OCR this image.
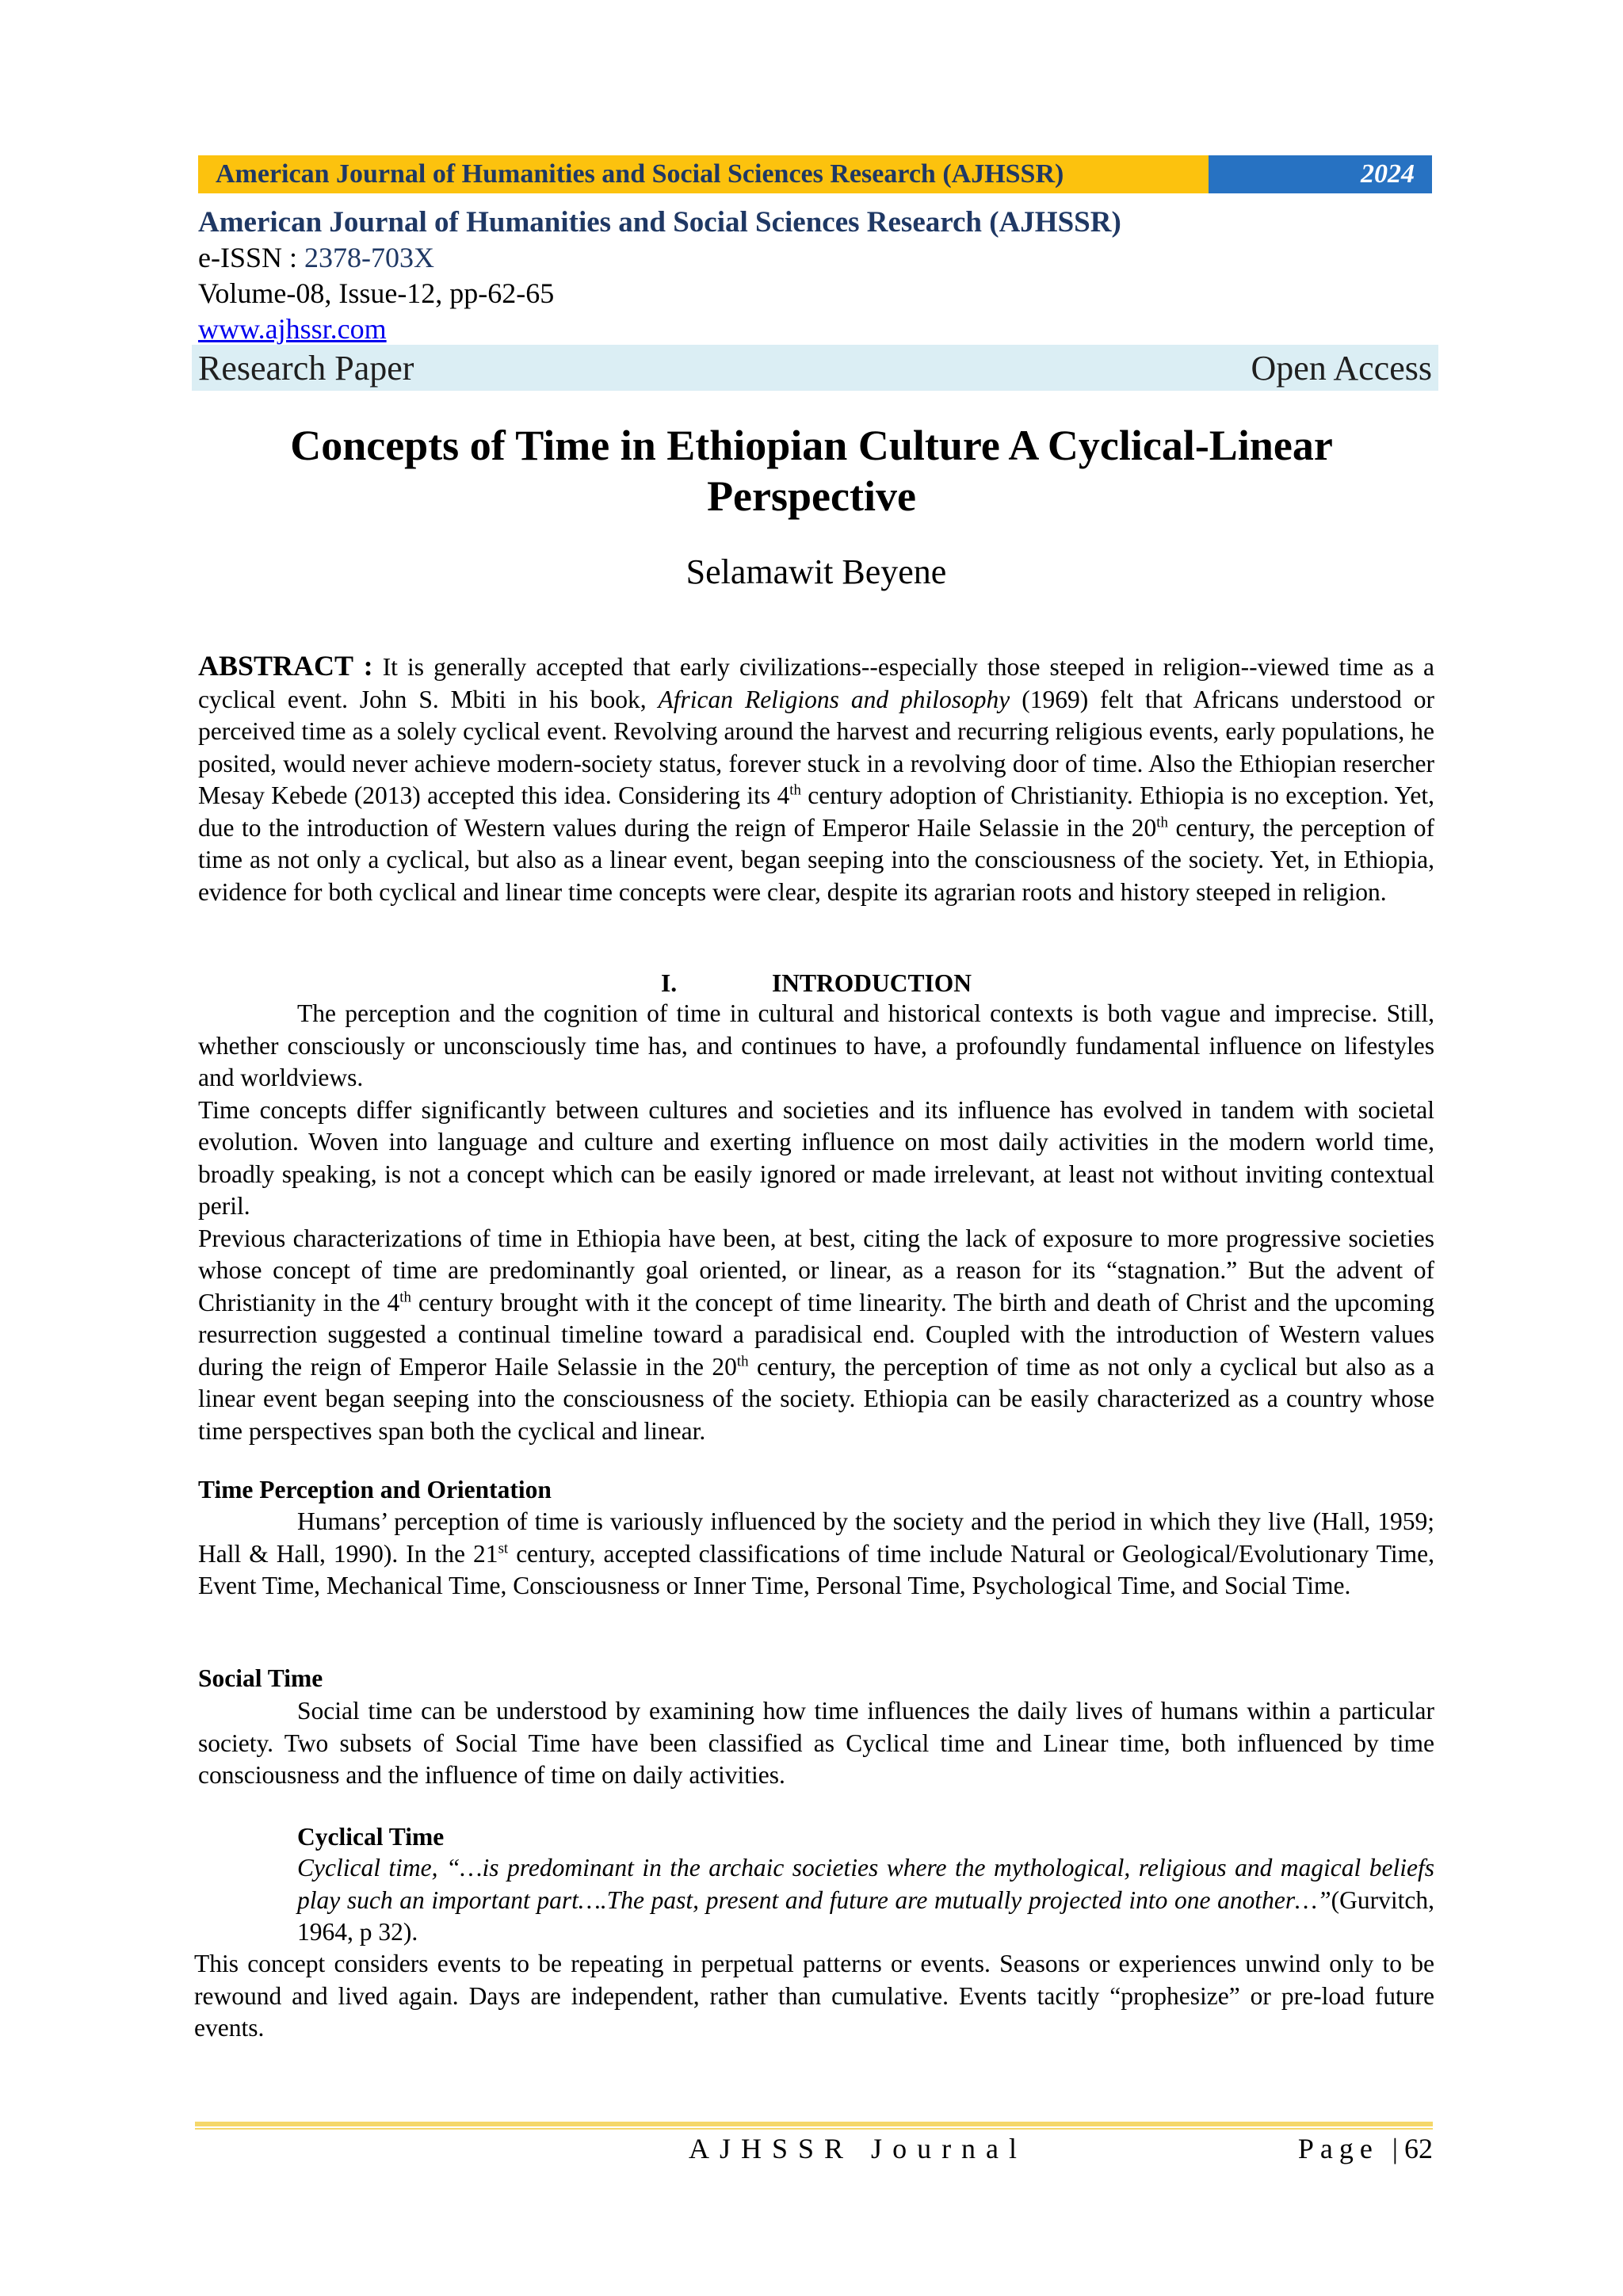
American Journal of Humanities and Social Sciences Research (AJHSSR)	2024
American Journal of Humanities and Social Sciences Research (AJHSSR)
e-ISSN : 2378-703X
Volume-08, Issue-12, pp-62-65
www.ajhssr.com
Research Paper	Open Access
Concepts of Time in Ethiopian Culture A Cyclical-Linear
Perspective
Selamawit Beyene

ABSTRACT : It is generally accepted that early civilizations--especially those steeped in religion--viewed time as a cyclical event. John S. Mbiti in his book, African Religions and philosophy (1969) felt that Africans understood or perceived time as a solely cyclical event. Revolving around the harvest and recurring religious events, early populations, he posited, would never achieve modern-society status, forever stuck in a revolving door of time. Also the Ethiopian resercher Mesay Kebede (2013) accepted this idea. Considering its 4th century adoption of Christianity. Ethiopia is no exception. Yet, due to the introduction of Western values during the reign of Emperor Haile Selassie in the 20th century, the perception of time as not only a cyclical, but also as a linear event, began seeping into the consciousness of the society. Yet, in Ethiopia, evidence for both cyclical and linear time concepts were clear, despite its agrarian roots and history steeped in religion.

I.	INTRODUCTION

The perception and the cognition of time in cultural and historical contexts is both vague and imprecise. Still, whether consciously or unconsciously time has, and continues to have, a profoundly fundamental influence on lifestyles and worldviews.

Time concepts differ significantly between cultures and societies and its influence has evolved in tandem with societal evolution. Woven into language and culture and exerting influence on most daily activities in the modern world time, broadly speaking, is not a concept which can be easily ignored or made irrelevant, at least not without inviting contextual peril.

Previous characterizations of time in Ethiopia have been, at best, citing the lack of exposure to more progressive societies whose concept of time are predominantly goal oriented, or linear, as a reason for its “stagnation.” But the advent of Christianity in the 4th century brought with it the concept of time linearity. The birth and death of Christ and the upcoming resurrection suggested a continual timeline toward a paradisical end. Coupled with the introduction of Western values during the reign of Emperor Haile Selassie in the 20th century, the perception of time as not only a cyclical but also as a linear event began seeping into the consciousness of the society. Ethiopia can be easily characterized as a country whose time perspectives span both the cyclical and linear.

Time Perception and Orientation

Humans’ perception of time is variously influenced by the society and the period in which they live (Hall, 1959; Hall & Hall, 1990). In the 21st century, accepted classifications of time include Natural or Geological/Evolutionary Time, Event Time, Mechanical Time, Consciousness or Inner Time, Personal Time, Psychological Time, and Social Time.

Social Time

Social time can be understood by examining how time influences the daily lives of humans within a particular society. Two subsets of Social Time have been classified as Cyclical time and Linear time, both influenced by time consciousness and the influence of time on daily activities.

Cyclical Time
Cyclical time, “…is predominant in the archaic societies where the mythological, religious and magical beliefs play such an important part….The past, present and future are mutually projected into one another…”(Gurvitch, 1964, p 32).

This concept considers events to be repeating in perpetual patterns or events. Seasons or experiences unwind only to be rewound and lived again. Days are independent, rather than cumulative. Events tacitly “prophesize” or pre-load future events.

AJHSSR Journal	Page |62
